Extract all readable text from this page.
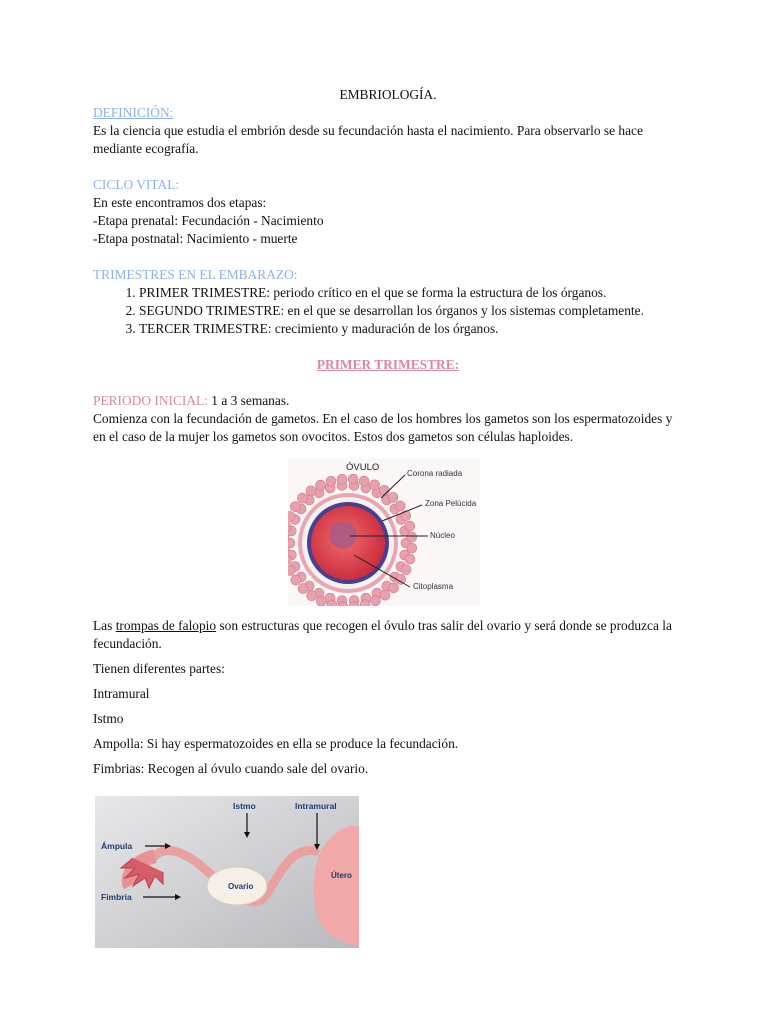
EMBRIOLOGÍA.

DEFINICIÓN:

Es la ciencia que estudia el embrión desde su fecundación hasta el nacimiento. Para observarlo se hace mediante ecografía.

CICLO VITAL:

En este encontramos dos etapas:

-Etapa prenatal: Fecundación - Nacimiento

-Etapa postnatal: Nacimiento - muerte

TRIMESTRES EN EL EMBARAZO:

1. PRIMER TRIMESTRE: periodo crítico en el que se forma la estructura de los órganos.
2. SEGUNDO TRIMESTRE: en el que se desarrollan los órganos y los sistemas completamente.
3. TERCER TRIMESTRE: crecimiento y maduración de los órganos.

PRIMER TRIMESTRE:

PERIODO INICIAL: 1 a 3 semanas.

Comienza con la fecundación de gametos. En el caso de los hombres los gametos son los espermatozoides y en el caso de la mujer los gametos son ovocitos. Estos dos gametos son células haploides.

ÓVULO
Corona radiada
Zona Pelúcida
Núcleo
Citoplasma

Las trompas de falopio son estructuras que recogen el óvulo tras salir del ovario y será donde se produzca la fecundación.

Tienen diferentes partes:

Intramural

Istmo

Ampolla: Si hay espermatozoides en ella se produce la fecundación.

Fimbrias: Recogen al óvulo cuando sale del ovario.

Istmo	Intramural
Ámpula
Útero
Ovario
Fimbria
